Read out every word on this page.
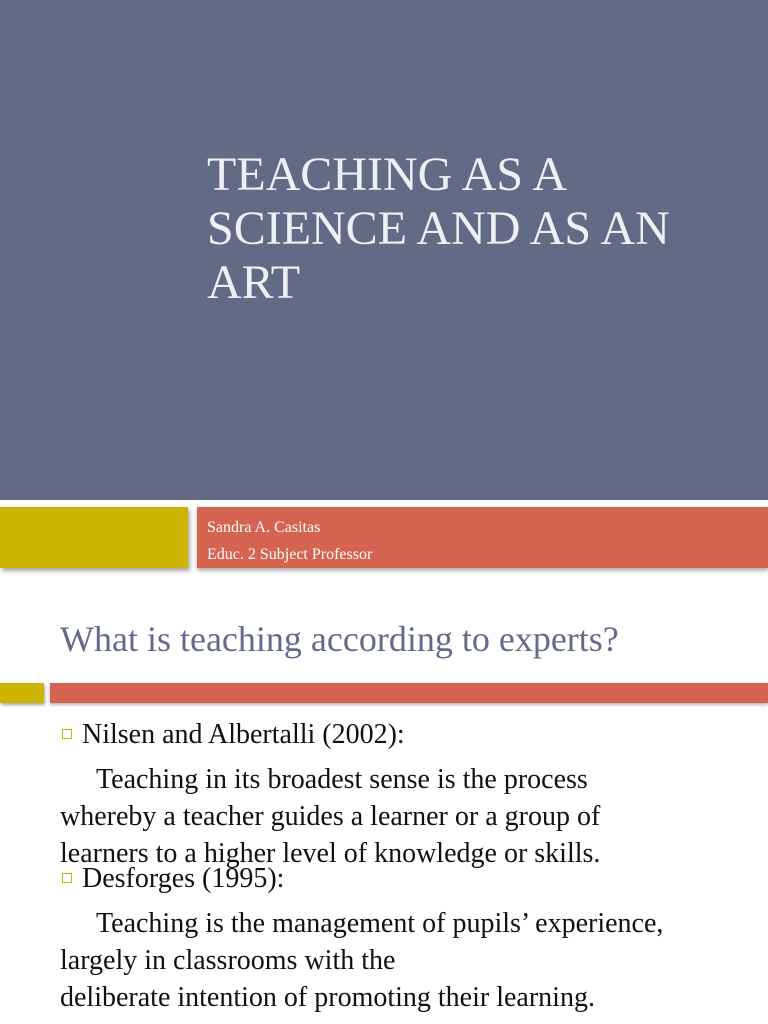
TEACHING AS A
SCIENCE AND AS AN
ART
Sandra A. Casitas
Educ. 2 Subject Professor
What is teaching according to experts?
Nilsen and Albertalli (2002):
Teaching in its broadest sense is the process
whereby a teacher guides a learner or a group of
learners to a higher level of knowledge or skills.
Desforges (1995):
Teaching is the management of pupils’ experience,
largely in classrooms with the
deliberate intention of promoting their learning.
